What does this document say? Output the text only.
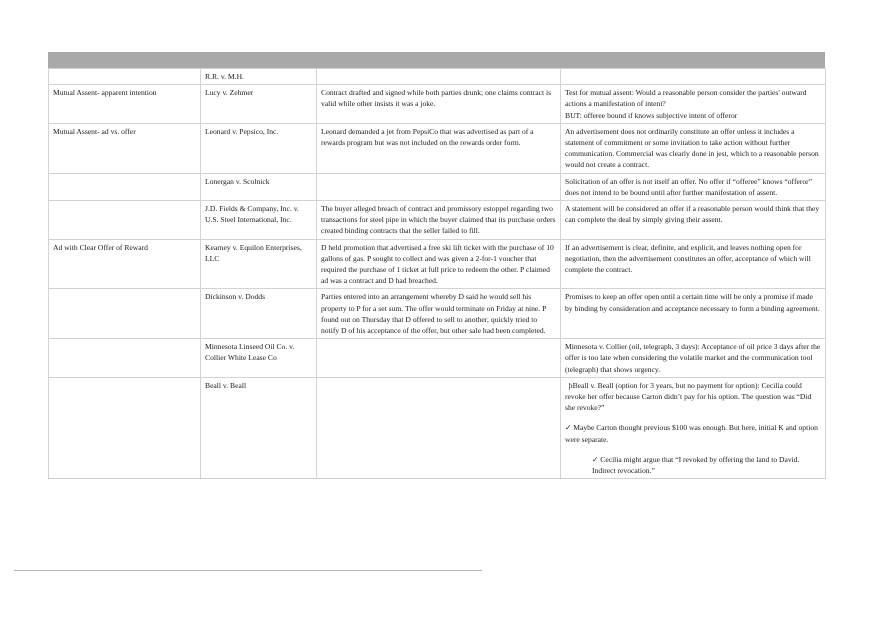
	R.R. v. M.H.		
Mutual Assent- apparent intention	Lucy v. Zehmer	Contract drafted and signed while both parties drunk; one claims contract is valid while other insists it was a joke.	Test for mutual assent: Would a reasonable person consider the parties' outward actions a manifestation of intent?
BUT: offeree bound if knows subjective intent of offeror

Mutual Assent- ad vs. offer	Leonard v. Pepsico, Inc.	Leonard demanded a jet from PepsiCo that was advertised as part of a rewards program but was not included on the rewards order form.	An advertisement does not ordinarily constitute an offer unless it includes a statement of commitment or some invitation to take action without further communication. Commercial was clearly done in jest, which to a reasonable person would not create a contract.
	Lonergan v. Scolnick		Solicitation of an offer is not itself an offer. No offer if “offeree” knows “offeror” does not intend to be bound until after further manifestation of assent.
	J.D. Fields & Company, Inc. v. U.S. Steel International, Inc.	The buyer alleged breach of contract and promissory estoppel regarding two transactions for steel pipe in which the buyer claimed that its purchase orders created binding contracts that the seller failed to fill.	A statement will be considered an offer if a reasonable person would think that they can complete the deal by simply giving their assent.
Ad with Clear Offer of Reward	Kearney v. Equilon Enterprises, LLC	D held promotion that advertised a free ski lift ticket with the purchase of 10 gallons of gas. P sought to collect and was given a 2-for-1 voucher that required the purchase of 1 ticket at full price to redeem the other. P claimed ad was a contract and D had breached.	If an advertisement is clear, definite, and explicit, and leaves nothing open for negotiation, then the advertisement constitutes an offer, acceptance of which will complete the contract.
	Dickinson v. Dodds	Parties entered into an arrangement whereby D said he would sell his property to P for a set sum. The offer would terminate on Friday at nine. P found out on Thursday that D offered to sell to another, quickly tried to notify D of his acceptance of the offer, but other sale had been completed.	Promises to keep an offer open until a certain time will be only a promise if made by binding by consideration and acceptance necessary to form a binding agreement.
	Minnesota Linseed Oil Co. v. Collier White Lease Co		Minnesota v. Collier (oil, telegraph, 3 days): Acceptance of oil price 3 days after the offer is too late when considering the volatile market and the communication tool (telegraph) that shows urgency.
	Beall v. Beall		þBeall v. Beall (option for 3 years, but no payment for option): Cecilia could revoke her offer because Carton didn’t pay for his option. The question was “Did she revoke?”
✓ Maybe Carton thought previous $100 was enough. But here, initial K and option were separate.
✓ Cecilia might argue that “I revoked by offering the land to David. Indirect revocation.”
